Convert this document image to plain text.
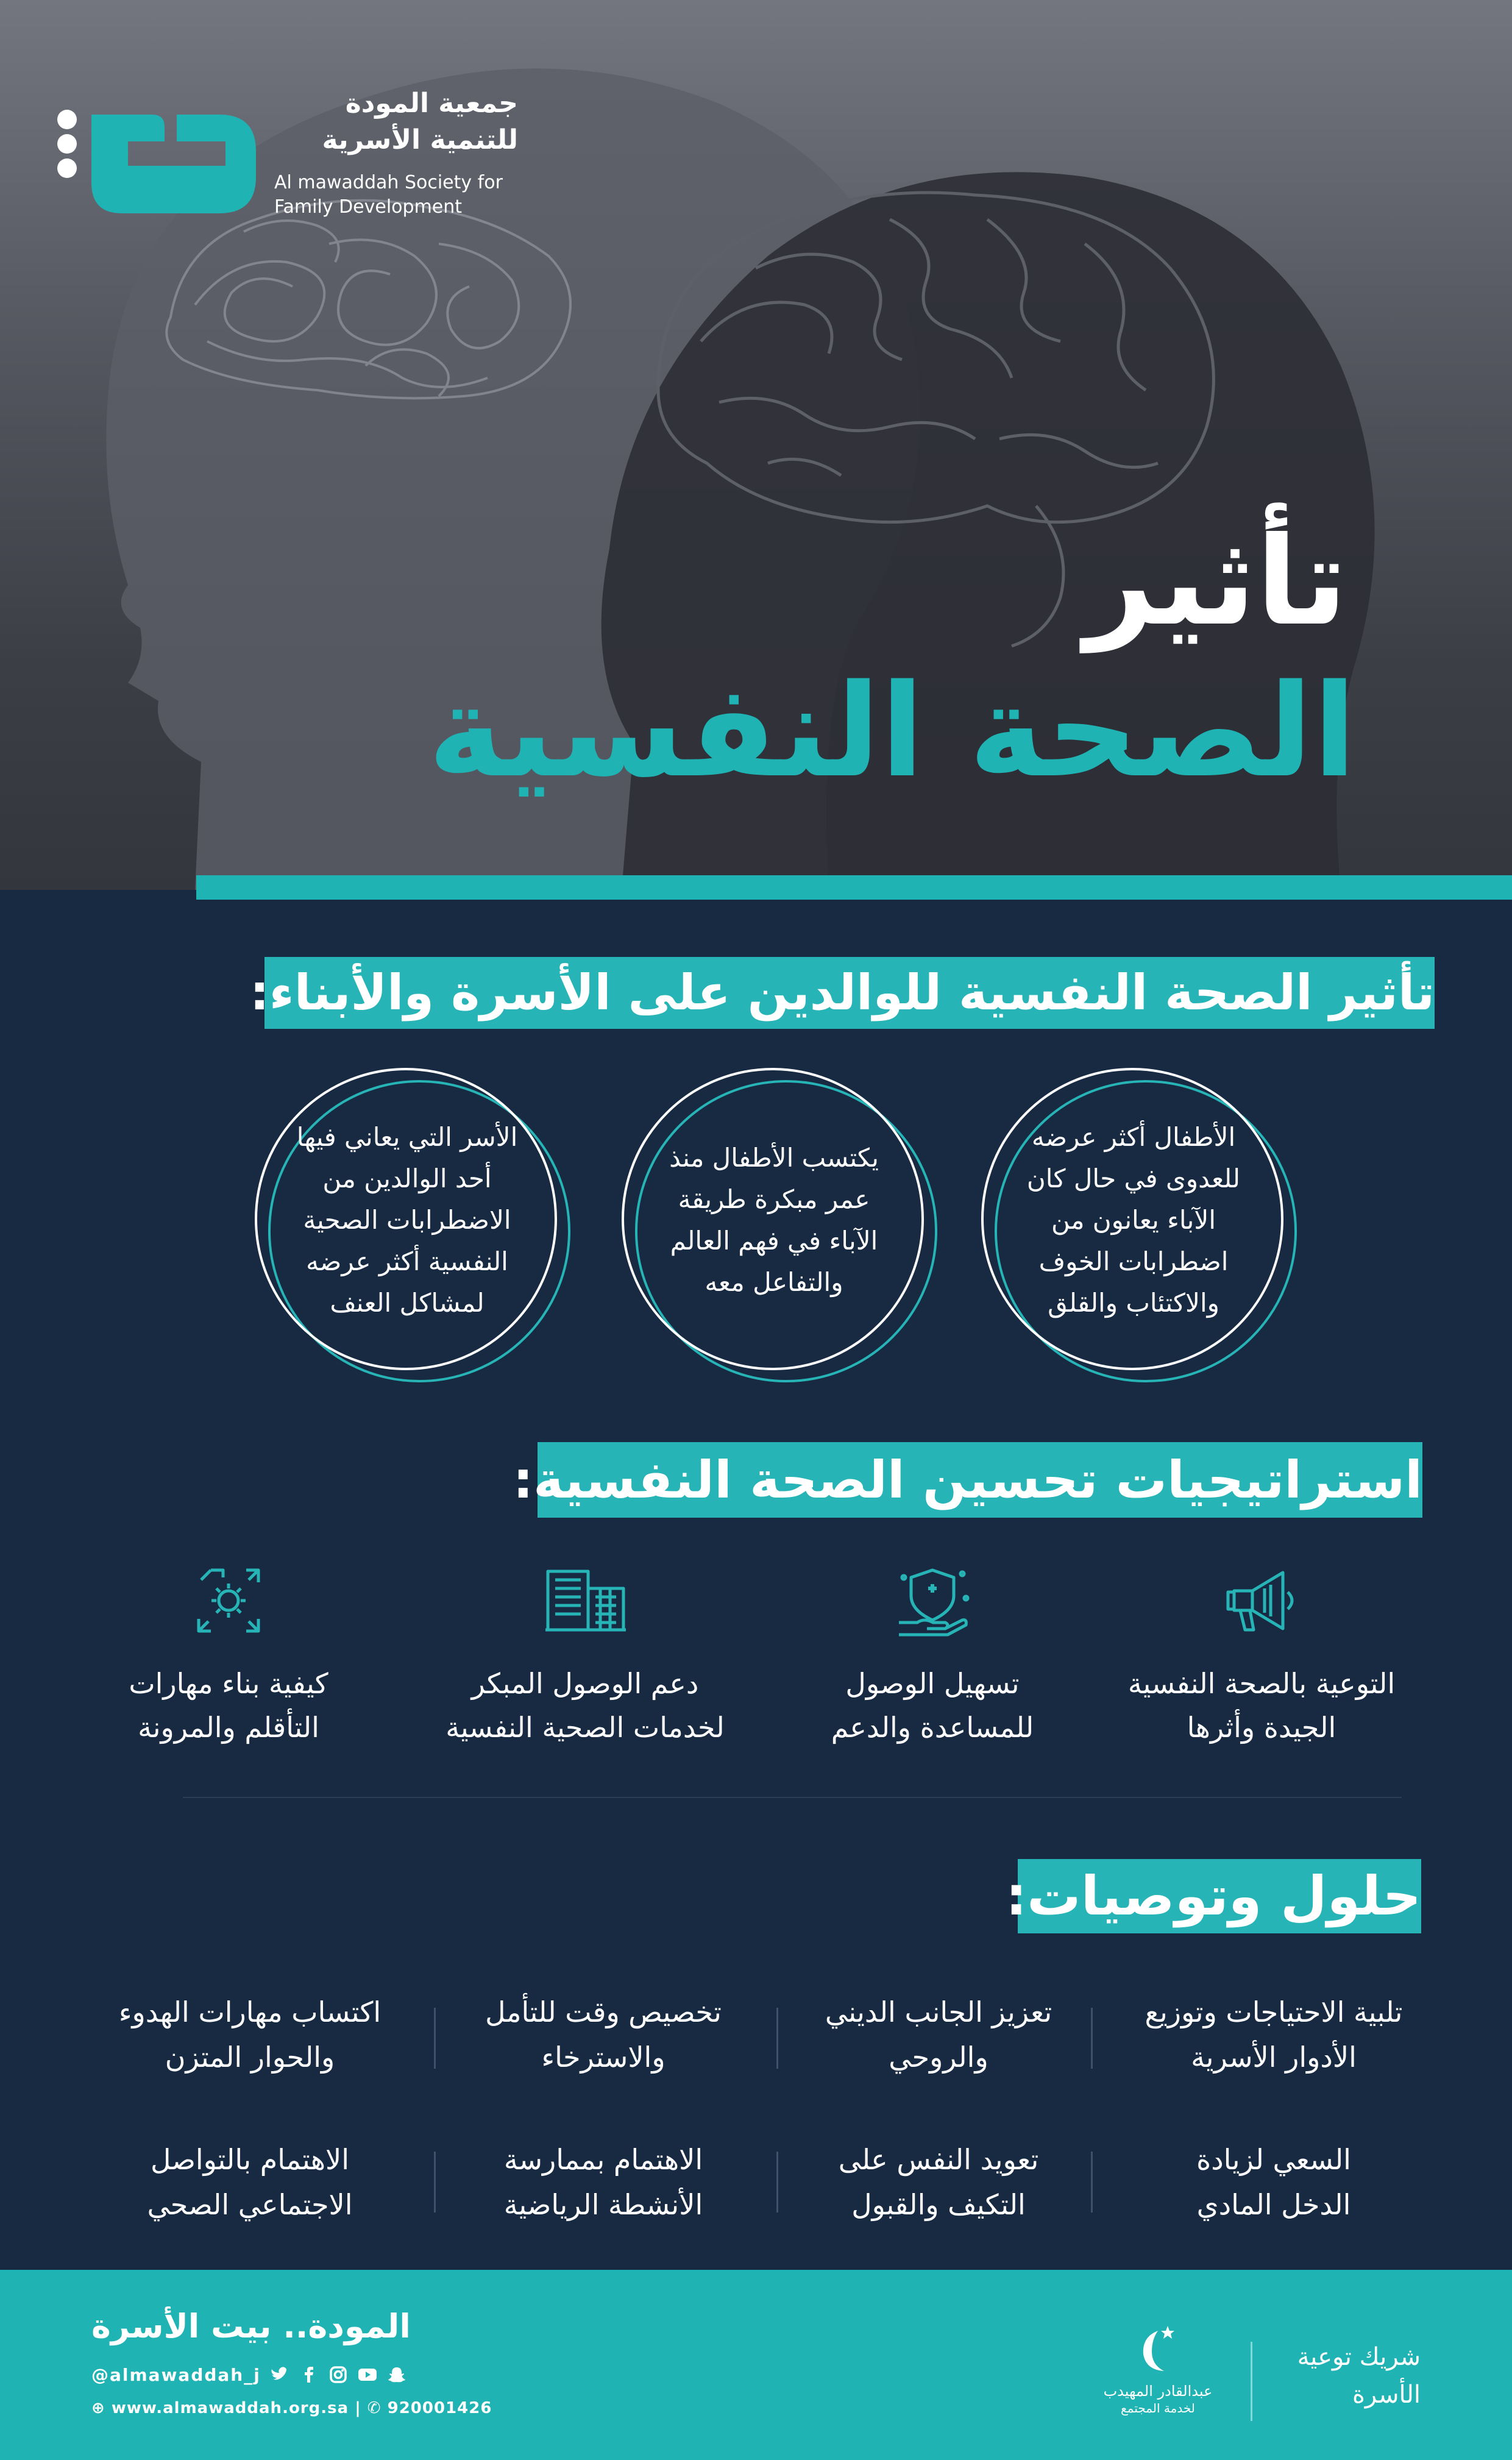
جمعية المودة
للتنمية الأسرية
Al mawaddah Society for
Family Development
تأثير
الصحة النفسية
تأثير الصحة النفسية للوالدين على الأسرة والأبناء:
الأطفال أكثر عرضه
للعدوى في حال كان
الآباء يعانون من
اضطرابات الخوف
والاكتئاب والقلق
يكتسب الأطفال منذ
عمر مبكرة طريقة
الآباء في فهم العالم
والتفاعل معه
الأسر التي يعاني فيها
أحد الوالدين من
الاضطرابات الصحية
النفسية أكثر عرضه
لمشاكل العنف
استراتيجيات تحسين الصحة النفسية:
التوعية بالصحة النفسية
الجيدة وأثرها
تسهيل الوصول
للمساعدة والدعم
دعم الوصول المبكر
لخدمات الصحية النفسية
كيفية بناء مهارات
التأقلم والمرونة
حلول وتوصيات:
تلبية الاحتياجات وتوزيع
الأدوار الأسرية
تعزيز الجانب الديني
والروحي
تخصيص وقت للتأمل
والاسترخاء
اكتساب مهارات الهدوء
والحوار المتزن
السعي لزيادة
الدخل المادي
تعويد النفس على
التكيف والقبول
الاهتمام بممارسة
الأنشطة الرياضية
الاهتمام بالتواصل
الاجتماعي الصحي
المودة.. بيت الأسرة
@almawaddah_j
⊕ www.almawaddah.org.sa | ✆ 920001426
عبدالقادر المهيدب
لخدمة المجتمع
شريك توعية
الأسرة
